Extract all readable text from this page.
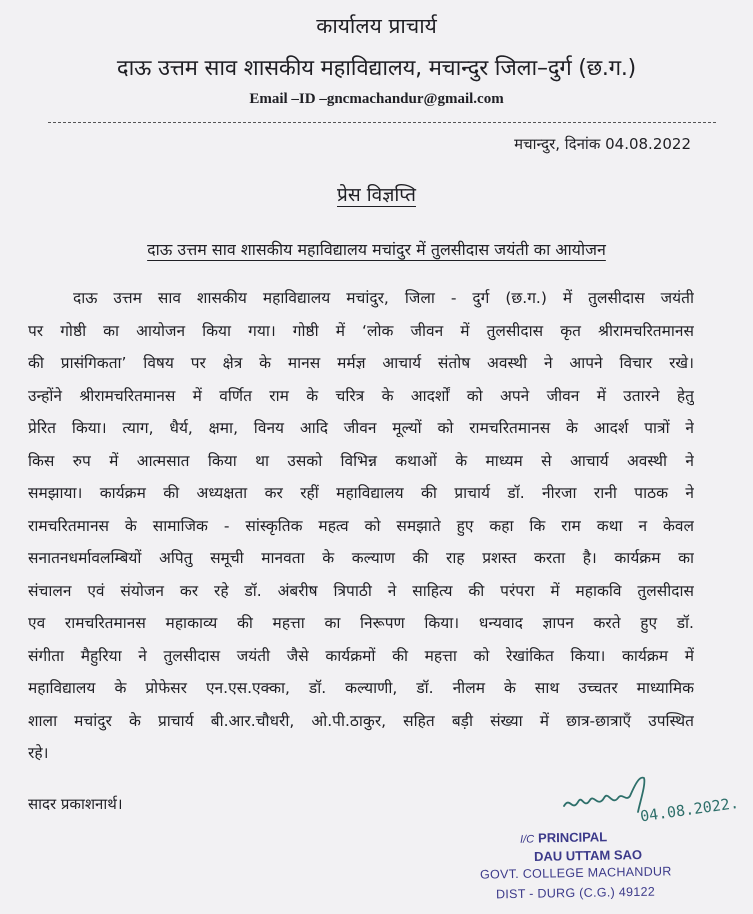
कार्यालय प्राचार्य
दाऊ उत्तम साव शासकीय महाविद्यालय, मचान्दुर जिला–दुर्ग (छ.ग.)
Email –ID –gncmachandur@gmail.com
मचान्दुर, दिनांक 04.08.2022
प्रेस विज्ञप्ति
दाऊ उत्तम साव शासकीय महाविद्यालय मचांदुर में तुलसीदास जयंती का आयोजन
दाऊ उत्तम साव शासकीय महाविद्यालय मचांदुर, जिला - दुर्ग (छ.ग.) में तुलसीदास जयंती
पर गोष्ठी का आयोजन किया गया। गोष्ठी में ‘लोक जीवन में तुलसीदास कृत श्रीरामचरितमानस
की प्रासंगिकता’ विषय पर क्षेत्र के मानस मर्मज्ञ आचार्य संतोष अवस्थी ने आपने विचार रखे।
उन्होंने श्रीरामचरितमानस में वर्णित राम के चरित्र के आदर्शों को अपने जीवन में उतारने हेतु
प्रेरित किया। त्याग, धैर्य, क्षमा, विनय आदि जीवन मूल्यों को रामचरितमानस के आदर्श पात्रों ने
किस रुप में आत्मसात किया था उसको विभिन्न कथाओं के माध्यम से आचार्य अवस्थी ने
समझाया। कार्यक्रम की अध्यक्षता कर रहीं महाविद्यालय की प्राचार्य डॉ. नीरजा रानी पाठक ने
रामचरितमानस के सामाजिक - सांस्कृतिक महत्व को समझाते हुए कहा कि राम कथा न केवल
सनातनधर्मावलम्बियों अपितु समूची मानवता के कल्याण की राह प्रशस्त करता है। कार्यक्रम का
संचालन एवं संयोजन कर रहे डॉ. अंबरीष त्रिपाठी ने साहित्य की परंपरा में महाकवि तुलसीदास
एव रामचरितमानस महाकाव्य की महत्ता का निरूपण किया। धन्यवाद ज्ञापन करते हुए डॉ.
संगीता मैहुरिया ने तुलसीदास जयंती जैसे कार्यक्रमों की महत्ता को रेखांकित किया। कार्यक्रम में
महाविद्यालय के प्रोफेसर एन.एस.एक्का, डॉ. कल्याणी, डॉ. नीलम के साथ उच्चतर माध्यामिक
शाला मचांदुर के प्राचार्य बी.आर.चौधरी, ओ.पी.ठाकुर, सहित बड़ी संख्या में छात्र-छात्राएँ उपस्थित
रहे।
सादर प्रकाशनार्थ।	04.08.2022.
I/C PRINCIPAL
DAU UTTAM SAO
GOVT. COLLEGE MACHANDUR
DIST - DURG (C.G.) 49122
